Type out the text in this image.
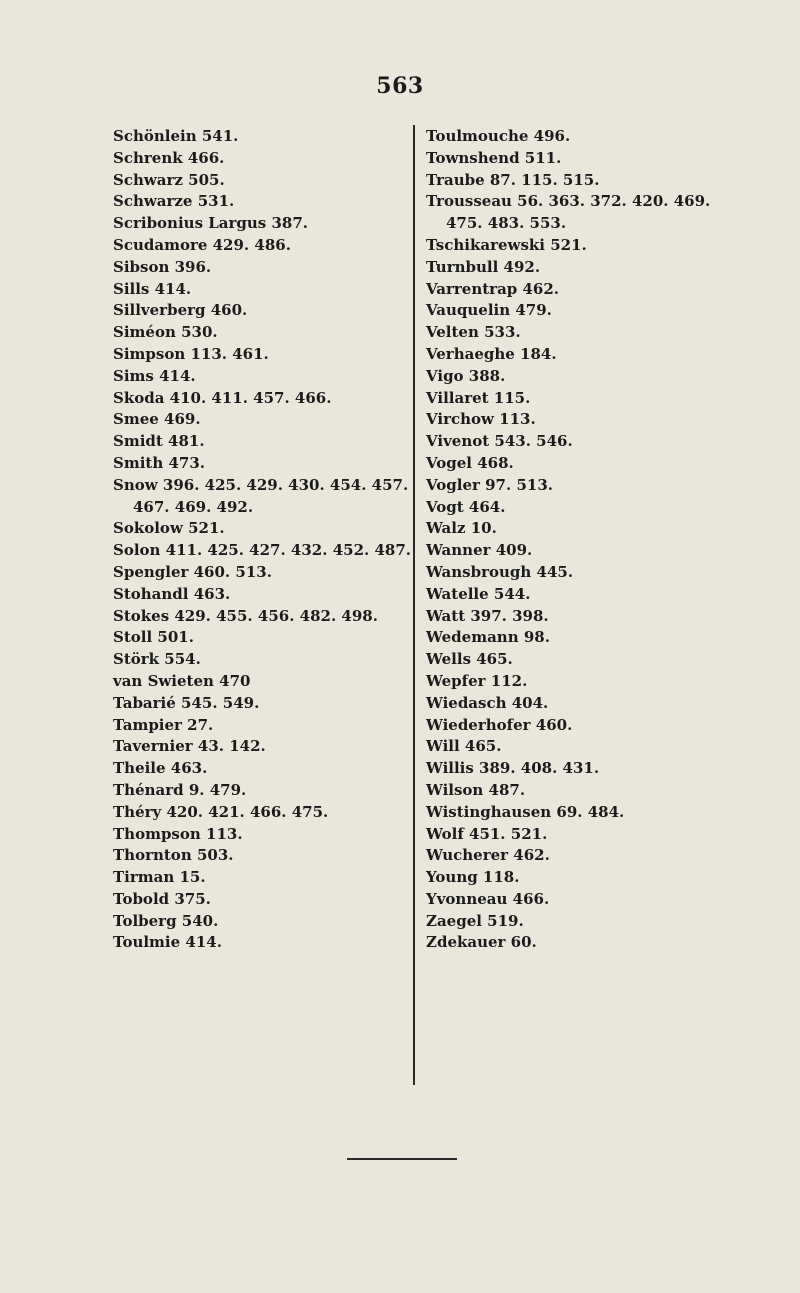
563

Schönlein 541.

Schrenk 466.

Schwarz 505.

Schwarze 531.

Scribonius Largus 387.

Scudamore 429. 486.

Sibson 396.

Sills 414.

Sillverberg 460.

Siméon 530.

Simpson 113. 461.

Sims 414.

Skoda 410. 411. 457. 466.

Smee 469.

Smidt 481.

Smith 473.

Snow 396. 425. 429. 430. 454. 457.

467. 469. 492.

Sokolow 521.

Solon 411. 425. 427. 432. 452. 487.

Spengler 460. 513.

Stohandl 463.

Stokes 429. 455. 456. 482. 498.

Stoll 501.

Störk 554.

van Swieten 470

Tabarié 545. 549.

Tampier 27.

Tavernier 43. 142.

Theile 463.

Thénard 9. 479.

Théry 420. 421. 466. 475.

Thompson 113.

Thornton 503.

Tirman 15.

Tobold 375.

Tolberg 540.

Toulmie 414.

Toulmouche 496.

Townshend 511.

Traube 87. 115. 515.

Trousseau 56. 363. 372. 420. 469.

475. 483. 553.

Tschikarewski 521.

Turnbull 492.

Varrentrap 462.

Vauquelin 479.

Velten 533.

Verhaeghe 184.

Vigo 388.

Villaret 115.

Virchow 113.

Vivenot 543. 546.

Vogel 468.

Vogler 97. 513.

Vogt 464.

Walz 10.

Wanner 409.

Wansbrough 445.

Watelle 544.

Watt 397. 398.

Wedemann 98.

Wells 465.

Wepfer 112.

Wiedasch 404.

Wiederhofer 460.

Will 465.

Willis 389. 408. 431.

Wilson 487.

Wistinghausen 69. 484.

Wolf 451. 521.

Wucherer 462.

Young 118.

Yvonneau 466.

Zaegel 519.

Zdekauer 60.
